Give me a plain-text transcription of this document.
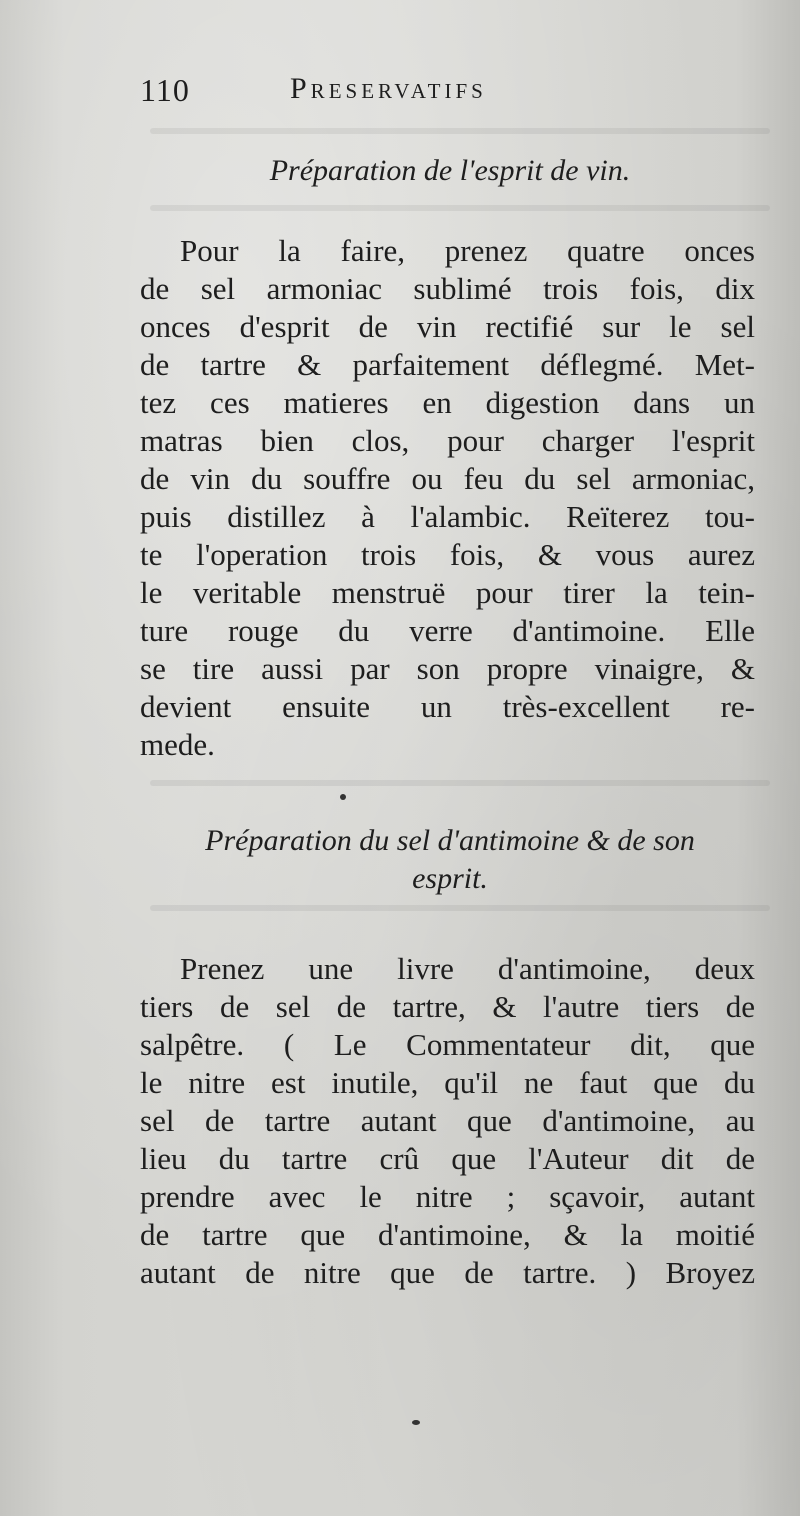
110	Preservatifs
Préparation de l'esprit de vin.
Pour la faire, prenez quatre onces
de sel armoniac sublimé trois fois, dix
onces d'esprit de vin rectifié sur le sel
de tartre & parfaitement déflegmé. Met-
tez ces matieres en digestion dans un
matras bien clos, pour charger l'esprit
de vin du souffre ou feu du sel armoniac,
puis distillez à l'alambic. Reïterez tou-
te l'operation trois fois, & vous aurez
le veritable menstruë pour tirer la tein-
ture rouge du verre d'antimoine. Elle
se tire aussi par son propre vinaigre, &
devient ensuite un très-excellent re-
mede.
Préparation du sel d'antimoine & de son
esprit.
Prenez une livre d'antimoine, deux
tiers de sel de tartre, & l'autre tiers de
salpêtre. ( Le Commentateur dit, que
le nitre est inutile, qu'il ne faut que du
sel de tartre autant que d'antimoine, au
lieu du tartre crû que l'Auteur dit de
prendre avec le nitre ; sçavoir, autant
de tartre que d'antimoine, & la moitié
autant de nitre que de tartre. ) Broyez
